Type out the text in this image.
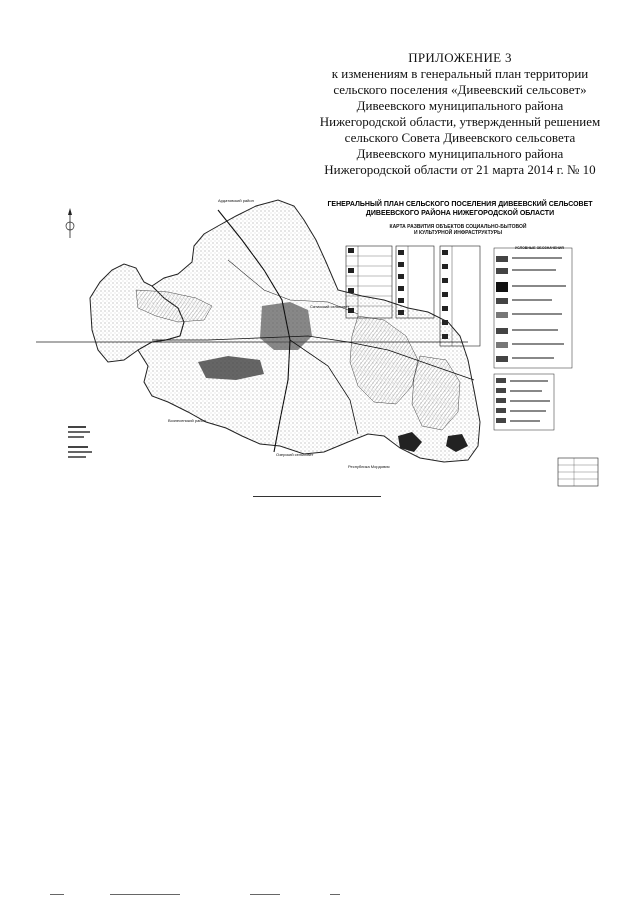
ПРИЛОЖЕНИЕ 3
к изменениям в генеральный план территории
сельского поселения «Дивеевский сельсовет»
Дивеевского муниципального района
Нижегородской области, утвержденный решением
сельского Совета Дивеевского сельсовета
Дивеевского муниципального района
Нижегородской области от 21 марта 2014 г. № 10
ГЕНЕРАЛЬНЫЙ ПЛАН СЕЛЬСКОГО ПОСЕЛЕНИЯ ДИВЕЕВСКИЙ СЕЛЬСОВЕТ
ДИВЕЕВСКОГО РАЙОНА НИЖЕГОРОДСКОЙ ОБЛАСТИ
КАРТА РАЗВИТИЯ ОБЪЕКТОВ СОЦИАЛЬНО-БЫТОВОЙ
И КУЛЬТУРНОЙ ИНФРАСТРУКТУРЫ
УСЛОВНЫЕ ОБОЗНАЧЕНИЯ
Ардатовский район
Сатисский сельсовет
Вознесенский район
Озерский сельсовет
Республика Мордовия
